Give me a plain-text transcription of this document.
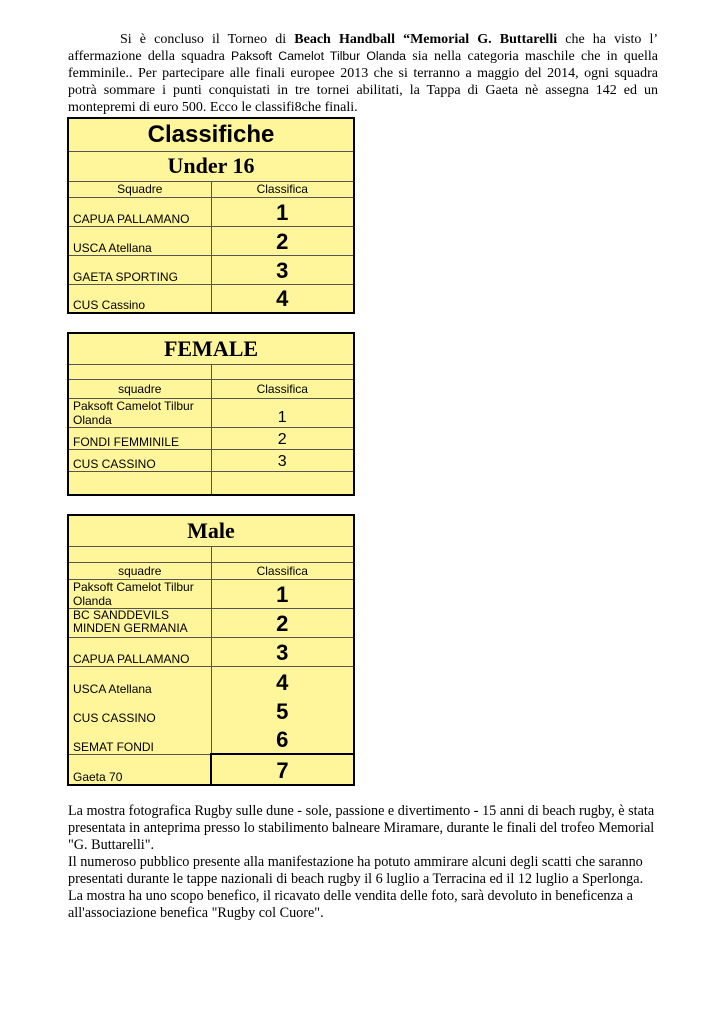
Si è concluso il Torneo di Beach Handball “Memorial G. Buttarelli che ha visto l’ affermazione della squadra Paksoft Camelot Tilbur Olanda sia nella categoria maschile che in quella femminile.. Per partecipare alle finali europee 2013 che si terranno a maggio del 2014, ogni squadra potrà sommare i punti conquistati in tre tornei abilitati, la Tappa di Gaeta nè assegna 142 ed un montepremi di euro 500. Ecco le classifi8che finali.
Classifiche	
Under 16	
Squadre	Classifica
CAPUA PALLAMANO	1
USCA Atellana	2
GAETA SPORTING	3
CUS Cassino	4
FEMALE	

squadre	Classifica
Paksoft Camelot Tilbur Olanda	1
FONDI FEMMINILE	2
CUS CASSINO	3

Male	

squadre	Classifica
Paksoft Camelot Tilbur Olanda	1
BC SANDDEVILS MINDEN GERMANIA	2
CAPUA PALLAMANO	3
USCA Atellana	4
CUS CASSINO	5
SEMAT FONDI	6
Gaeta 70	7

La mostra fotografica Rugby sulle dune - sole, passione e divertimento - 15 anni di beach rugby, è stata presentata in anteprima presso lo stabilimento balneare Miramare, durante le finali del trofeo Memorial "G. Buttarelli".

Il numeroso pubblico presente alla manifestazione ha potuto ammirare alcuni degli scatti che saranno presentati durante le tappe nazionali di beach rugby il 6 luglio a Terracina ed il 12 luglio a Sperlonga.

La mostra ha uno scopo benefico, il ricavato delle vendita delle foto, sarà devoluto in beneficenza a all'associazione benefica "Rugby col Cuore".
